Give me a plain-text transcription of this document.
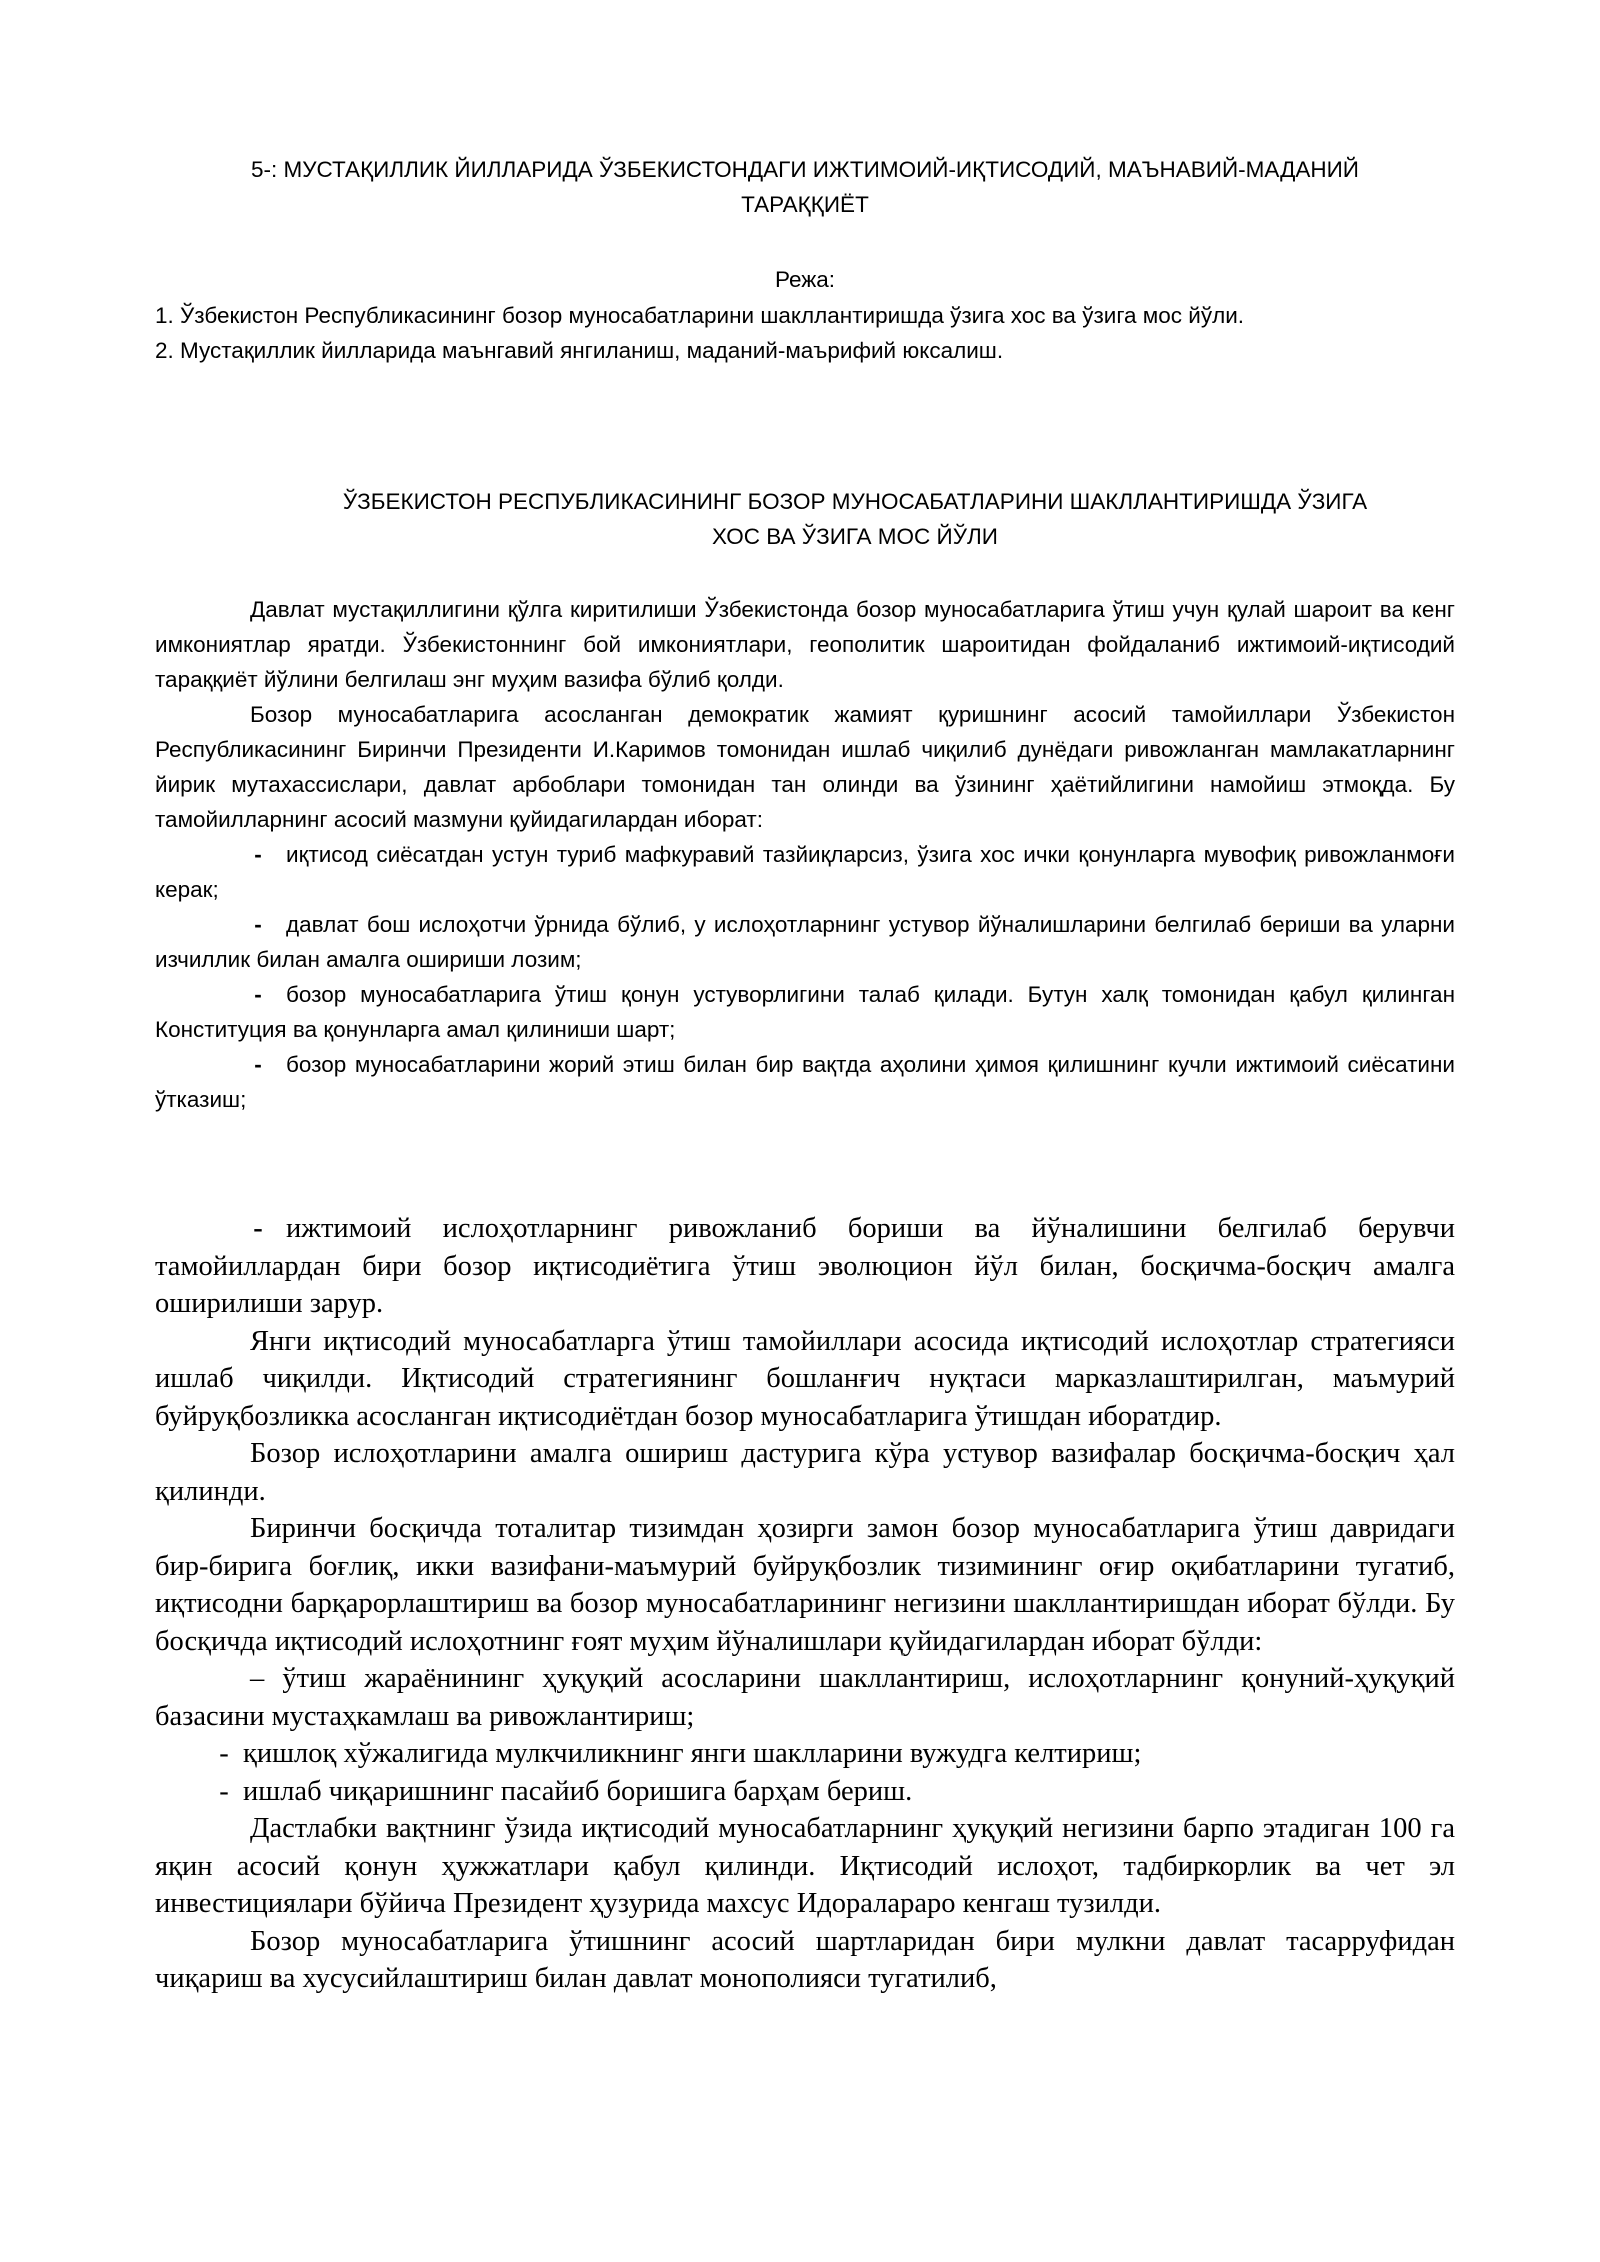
5-: МУСТАҚИЛЛИК ЙИЛЛАРИДА ЎЗБЕКИСТОНДАГИ ИЖТИМОИЙ-ИҚТИСОДИЙ, МАЪНАВИЙ-МАДАНИЙ
ТАРАҚҚИЁТ
Режа:

1. Ўзбекистон Республикасининг бозор муносабатларини шакллантиришда ўзига хос ва ўзига мос йўли.

2. Мустақиллик йилларида маънгавий янгиланиш, маданий-маърифий юксалиш.

ЎЗБЕКИСТОН РЕСПУБЛИКАСИНИНГ БОЗОР МУНОСАБАТЛАРИНИ ШАКЛЛАНТИРИШДА ЎЗИГА
ХОС ВА ЎЗИГА МОС ЙЎЛИ

Давлат мустақиллигини қўлга киритилиши Ўзбекистонда бозор муносабатларига ўтиш учун қулай шароит ва кенг имкониятлар яратди. Ўзбекистоннинг бой имкониятлари, геополитик шароитидан фойдаланиб ижтимоий-иқтисодий тараққиёт йўлини белгилаш энг муҳим вазифа бўлиб қолди.

Бозор муносабатларига асосланган демократик жамият қуришнинг асосий тамойиллари Ўзбекистон Республикасининг Биринчи Президенти И.Каримов томонидан ишлаб чиқилиб дунёдаги ривожланган мамлакатларнинг йирик мутахассислари, давлат арбоблари томонидан тан олинди ва ўзининг ҳаётийлигини намойиш этмоқда. Бу тамойилларнинг асосий мазмуни қуйидагилардан иборат:

- иқтисод сиёсатдан устун туриб мафкуравий тазйиқларсиз, ўзига хос ички қонунларга мувофиқ ривожланмоғи керак;

- давлат бош ислоҳотчи ўрнида бўлиб, у ислоҳотларнинг устувор йўналишларини белгилаб бериши ва уларни изчиллик билан амалга ошириши лозим;

- бозор муносабатларига ўтиш қонун устуворлигини талаб қилади. Бутун халқ томонидан қабул қилинган Конституция ва қонунларга амал қилиниши шарт;

- бозор муносабатларини жорий этиш билан бир вақтда аҳолини ҳимоя қилишнинг кучли ижтимоий сиёсатини ўтказиш;

- ижтимоий ислоҳотларнинг ривожланиб бориши ва йўналишини белгилаб берувчи тамойиллардан бири бозор иқтисодиётига ўтиш эволюцион йўл билан, босқичма-босқич амалга оширилиши зарур.

Янги иқтисодий муносабатларга ўтиш тамойиллари асосида иқтисодий ислоҳотлар стратегияси ишлаб чиқилди. Иқтисодий стратегиянинг бошланғич нуқтаси марказлаштирилган, маъмурий буйруқбозликка асосланган иқтисодиётдан бозор муносабатларига ўтишдан иборатдир.

Бозор ислоҳотларини амалга ошириш дастурига кўра устувор вазифалар босқичма-босқич ҳал қилинди.

Биринчи босқичда тоталитар тизимдан ҳозирги замон бозор муносабатларига ўтиш давридаги бир-бирига боғлиқ, икки вазифани-маъмурий буйруқбозлик тизимининг оғир оқибатларини тугатиб, иқтисодни барқарорлаштириш ва бозор муносабатларининг негизини шакллантиришдан иборат бўлди. Бу босқичда иқтисодий ислоҳотнинг ғоят муҳим йўналишлари қуйидагилардан иборат бўлди:

– ўтиш жараёнининг ҳуқуқий асосларини шакллантириш, ислоҳотларнинг қонуний-ҳуқуқий базасини мустаҳкамлаш ва ривожлантириш;

- қишлоқ хўжалигида мулкчиликнинг янги шаклларини вужудга келтириш;

- ишлаб чиқаришнинг пасайиб боришига барҳам бериш.

Дастлабки вақтнинг ўзида иқтисодий муносабатларнинг ҳуқуқий негизини барпо этадиган 100 га яқин асосий қонун ҳужжатлари қабул қилинди. Иқтисодий ислоҳот, тадбиркорлик ва чет эл инвестициялари бўйича Президент ҳузурида махсус Идоралараро кенгаш тузилди.

Бозор муносабатларига ўтишнинг асосий шартларидан бири мулкни давлат тасарруфидан чиқариш ва хусусийлаштириш билан давлат монополияси тугатилиб,
